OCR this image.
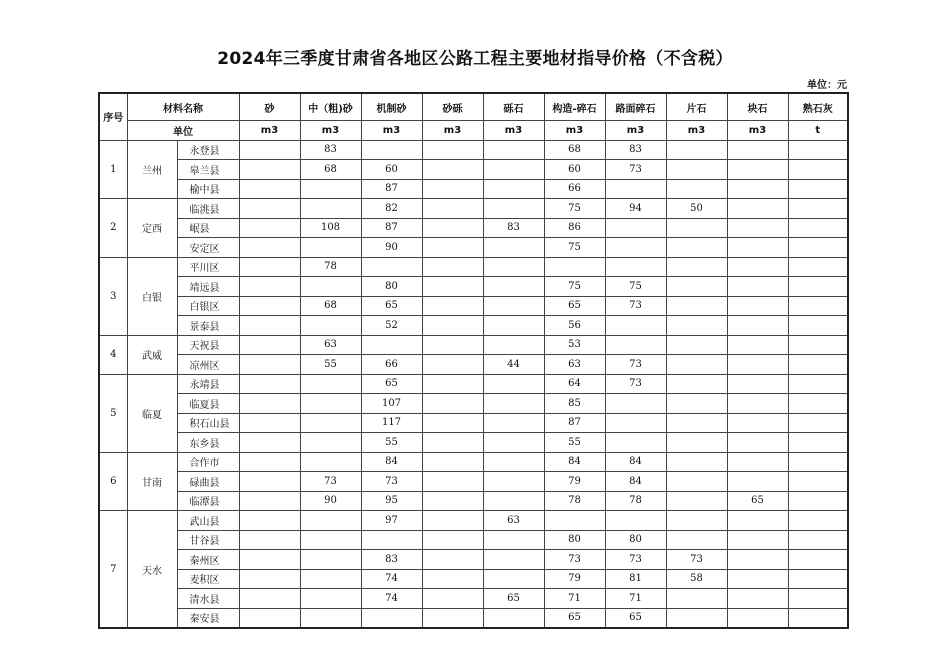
2024年三季度甘肃省各地区公路工程主要地材指导价格（不含税）
单位：元
序号	材料名称		砂	中（粗)砂	机制砂	砂砾	砾石	构造-碎石	路面碎石	片石	块石	熟石灰
	单位		m3	m3	m3	m3	m3	m3	m3	m3	m3	t
1	兰州	永登县		83				68	83			
		皋兰县		68	60			60	73			
		榆中县			87			66				
2	定西	临洮县			82			75	94	50		
		岷县		108	87		83	86				
		安定区			90			75				
3	白银	平川区		78								
		靖远县			80			75	75			
		白银区		68	65			65	73			
		景泰县			52			56				
4	武威	天祝县		63				53				
		凉州区		55	66		44	63	73			
5	临夏	永靖县			65			64	73			
		临夏县			107			85				
		积石山县			117			87				
		东乡县			55			55				
6	甘南	合作市			84			84	84			
		碌曲县		73	73			79	84			
		临潭县		90	95			78	78		65	
7	天水	武山县			97		63					
		甘谷县						80	80			
		秦州区			83			73	73	73		
		麦积区			74			79	81	58		
		清水县			74		65	71	71			
		秦安县						65	65			
